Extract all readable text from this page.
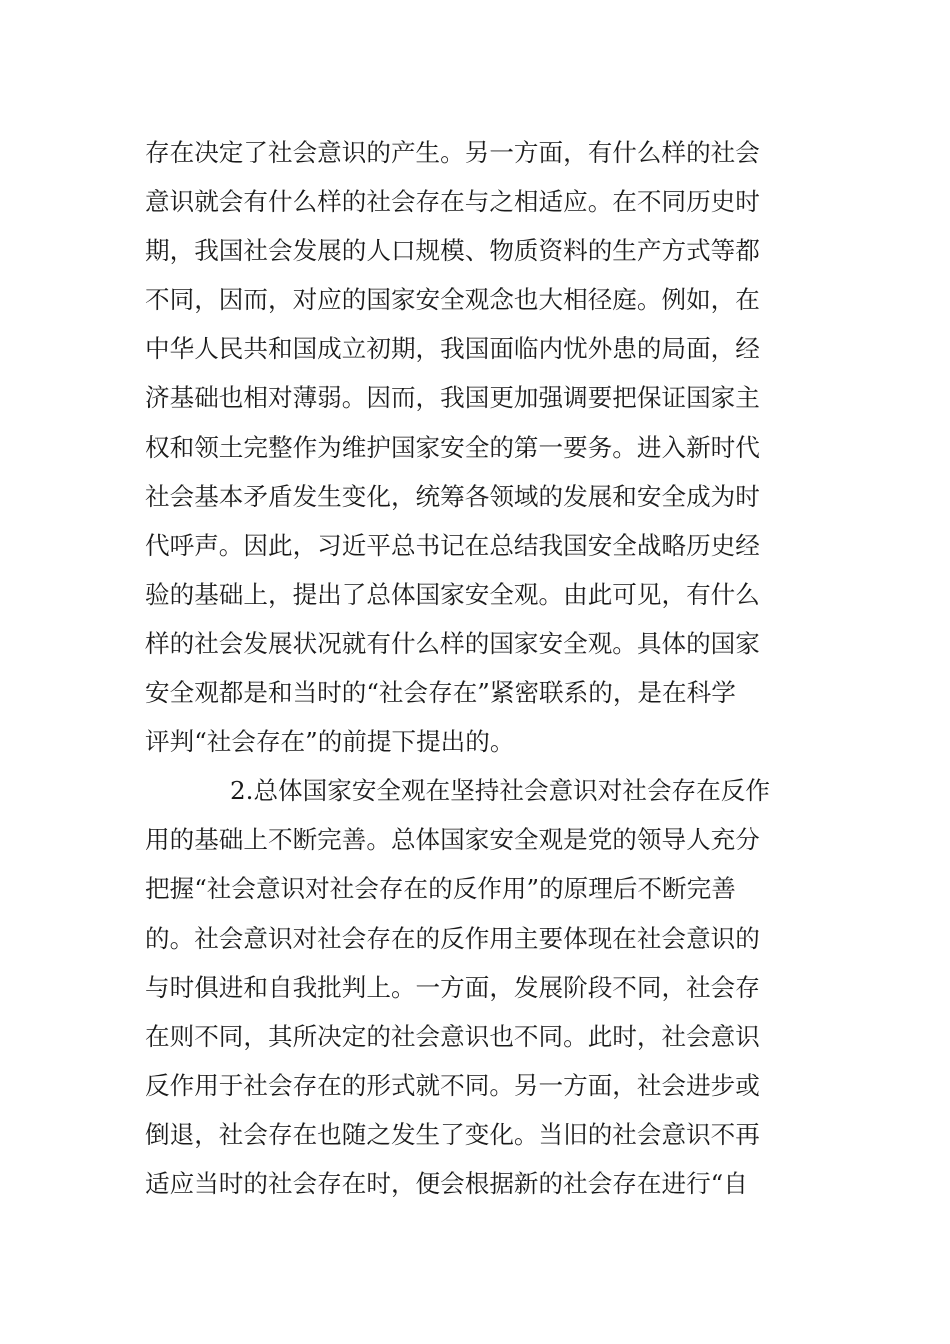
存在决定了社会意识的产生。另一方面，有什么样的社会
意识就会有什么样的社会存在与之相适应。在不同历史时
期，我国社会发展的人口规模、物质资料的生产方式等都
不同，因而，对应的国家安全观念也大相径庭。例如，在
中华人民共和国成立初期，我国面临内忧外患的局面，经
济基础也相对薄弱。因而，我国更加强调要把保证国家主
权和领土完整作为维护国家安全的第一要务。进入新时代
社会基本矛盾发生变化，统筹各领域的发展和安全成为时
代呼声。因此，习近平总书记在总结我国安全战略历史经
验的基础上，提出了总体国家安全观。由此可见，有什么
样的社会发展状况就有什么样的国家安全观。具体的国家
安全观都是和当时的“社会存在”紧密联系的，是在科学
评判“社会存在”的前提下提出的。
2.总体国家安全观在坚持社会意识对社会存在反作
用的基础上不断完善。总体国家安全观是党的领导人充分
把握“社会意识对社会存在的反作用”的原理后不断完善
的。社会意识对社会存在的反作用主要体现在社会意识的
与时俱进和自我批判上。一方面，发展阶段不同，社会存
在则不同，其所决定的社会意识也不同。此时，社会意识
反作用于社会存在的形式就不同。另一方面，社会进步或
倒退，社会存在也随之发生了变化。当旧的社会意识不再
适应当时的社会存在时，便会根据新的社会存在进行“自
